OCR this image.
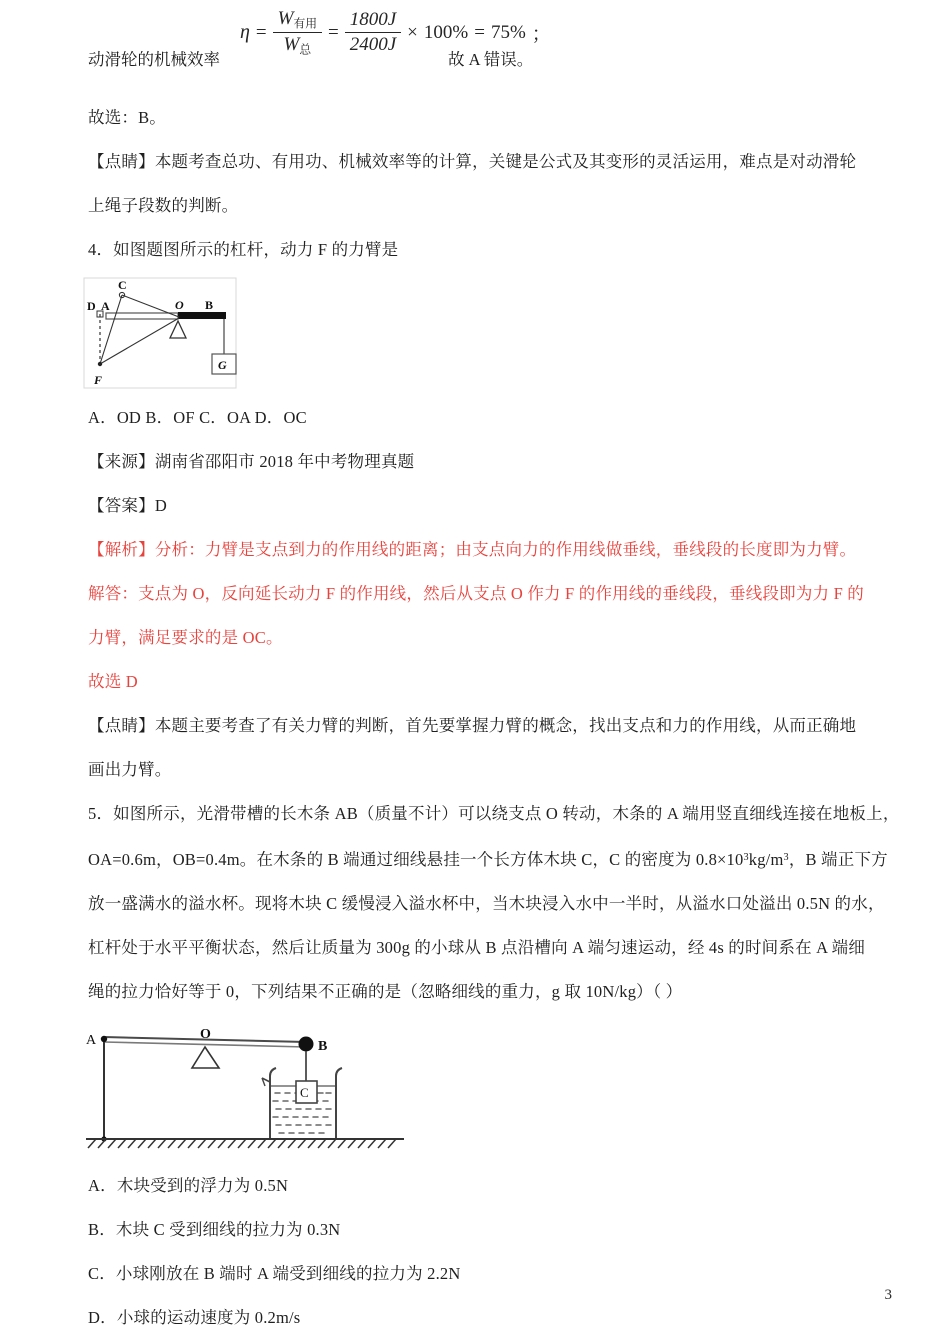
动滑轮的机械效率
$\eta = \frac{W_{有用}}{W_总} = \frac{1800J}{2400J} \times 100\% = 75\%$ ；
故 A 错误。
故选：B。
【点睛】本题考查总功、有用功、机械效率等的计算，关键是公式及其变形的灵活运用，难点是对动滑轮
上绳子段数的判断。
4．如图题图所示的杠杆，动力 F 的力臂是
G
D A
C
O B
F
A．OD B．OF C．OA D．OC
【来源】湖南省邵阳市 2018 年中考物理真题
【答案】D
【解析】分析：力臂是支点到力的作用线的距离；由支点向力的作用线做垂线，垂线段的长度即为力臂。
解答：支点为 O，反向延长动力 F 的作用线，然后从支点 O 作力 F 的作用线的垂线段，垂线段即为力 F 的
力臂，满足要求的是 OC。
故选 D
【点睛】本题主要考查了有关力臂的判断，首先要掌握力臂的概念，找出支点和力的作用线，从而正确地
画出力臂。
5．如图所示，光滑带槽的长木条 AB（质量不计）可以绕支点 O 转动，木条的 A 端用竖直细线连接在地板上，
OA=0.6m，OB=0.4m。在木条的 B 端通过细线悬挂一个长方体木块 C，C 的密度为 $0.8\times 10^3kg/m^3$，B 端正下方
放一盛满水的溢水杯。现将木块 C 缓慢浸入溢水杯中，当木块浸入水中一半时，从溢水口处溢出 0.5N 的水，
杠杆处于水平平衡状态，然后让质量为 300g 的小球从 B 点沿槽向 A 端匀速运动，经 4s 的时间系在 A 端细
绳的拉力恰好等于 0，下列结果不正确的是（忽略细线的重力，g 取 10N/kg）（ ）
C
A	O
B
A．木块受到的浮力为 0.5N
B．木块 C 受到细线的拉力为 0.3N
C．小球刚放在 B 端时 A 端受到细线的拉力为 2.2N
D．小球的运动速度为 0.2m/s
3
